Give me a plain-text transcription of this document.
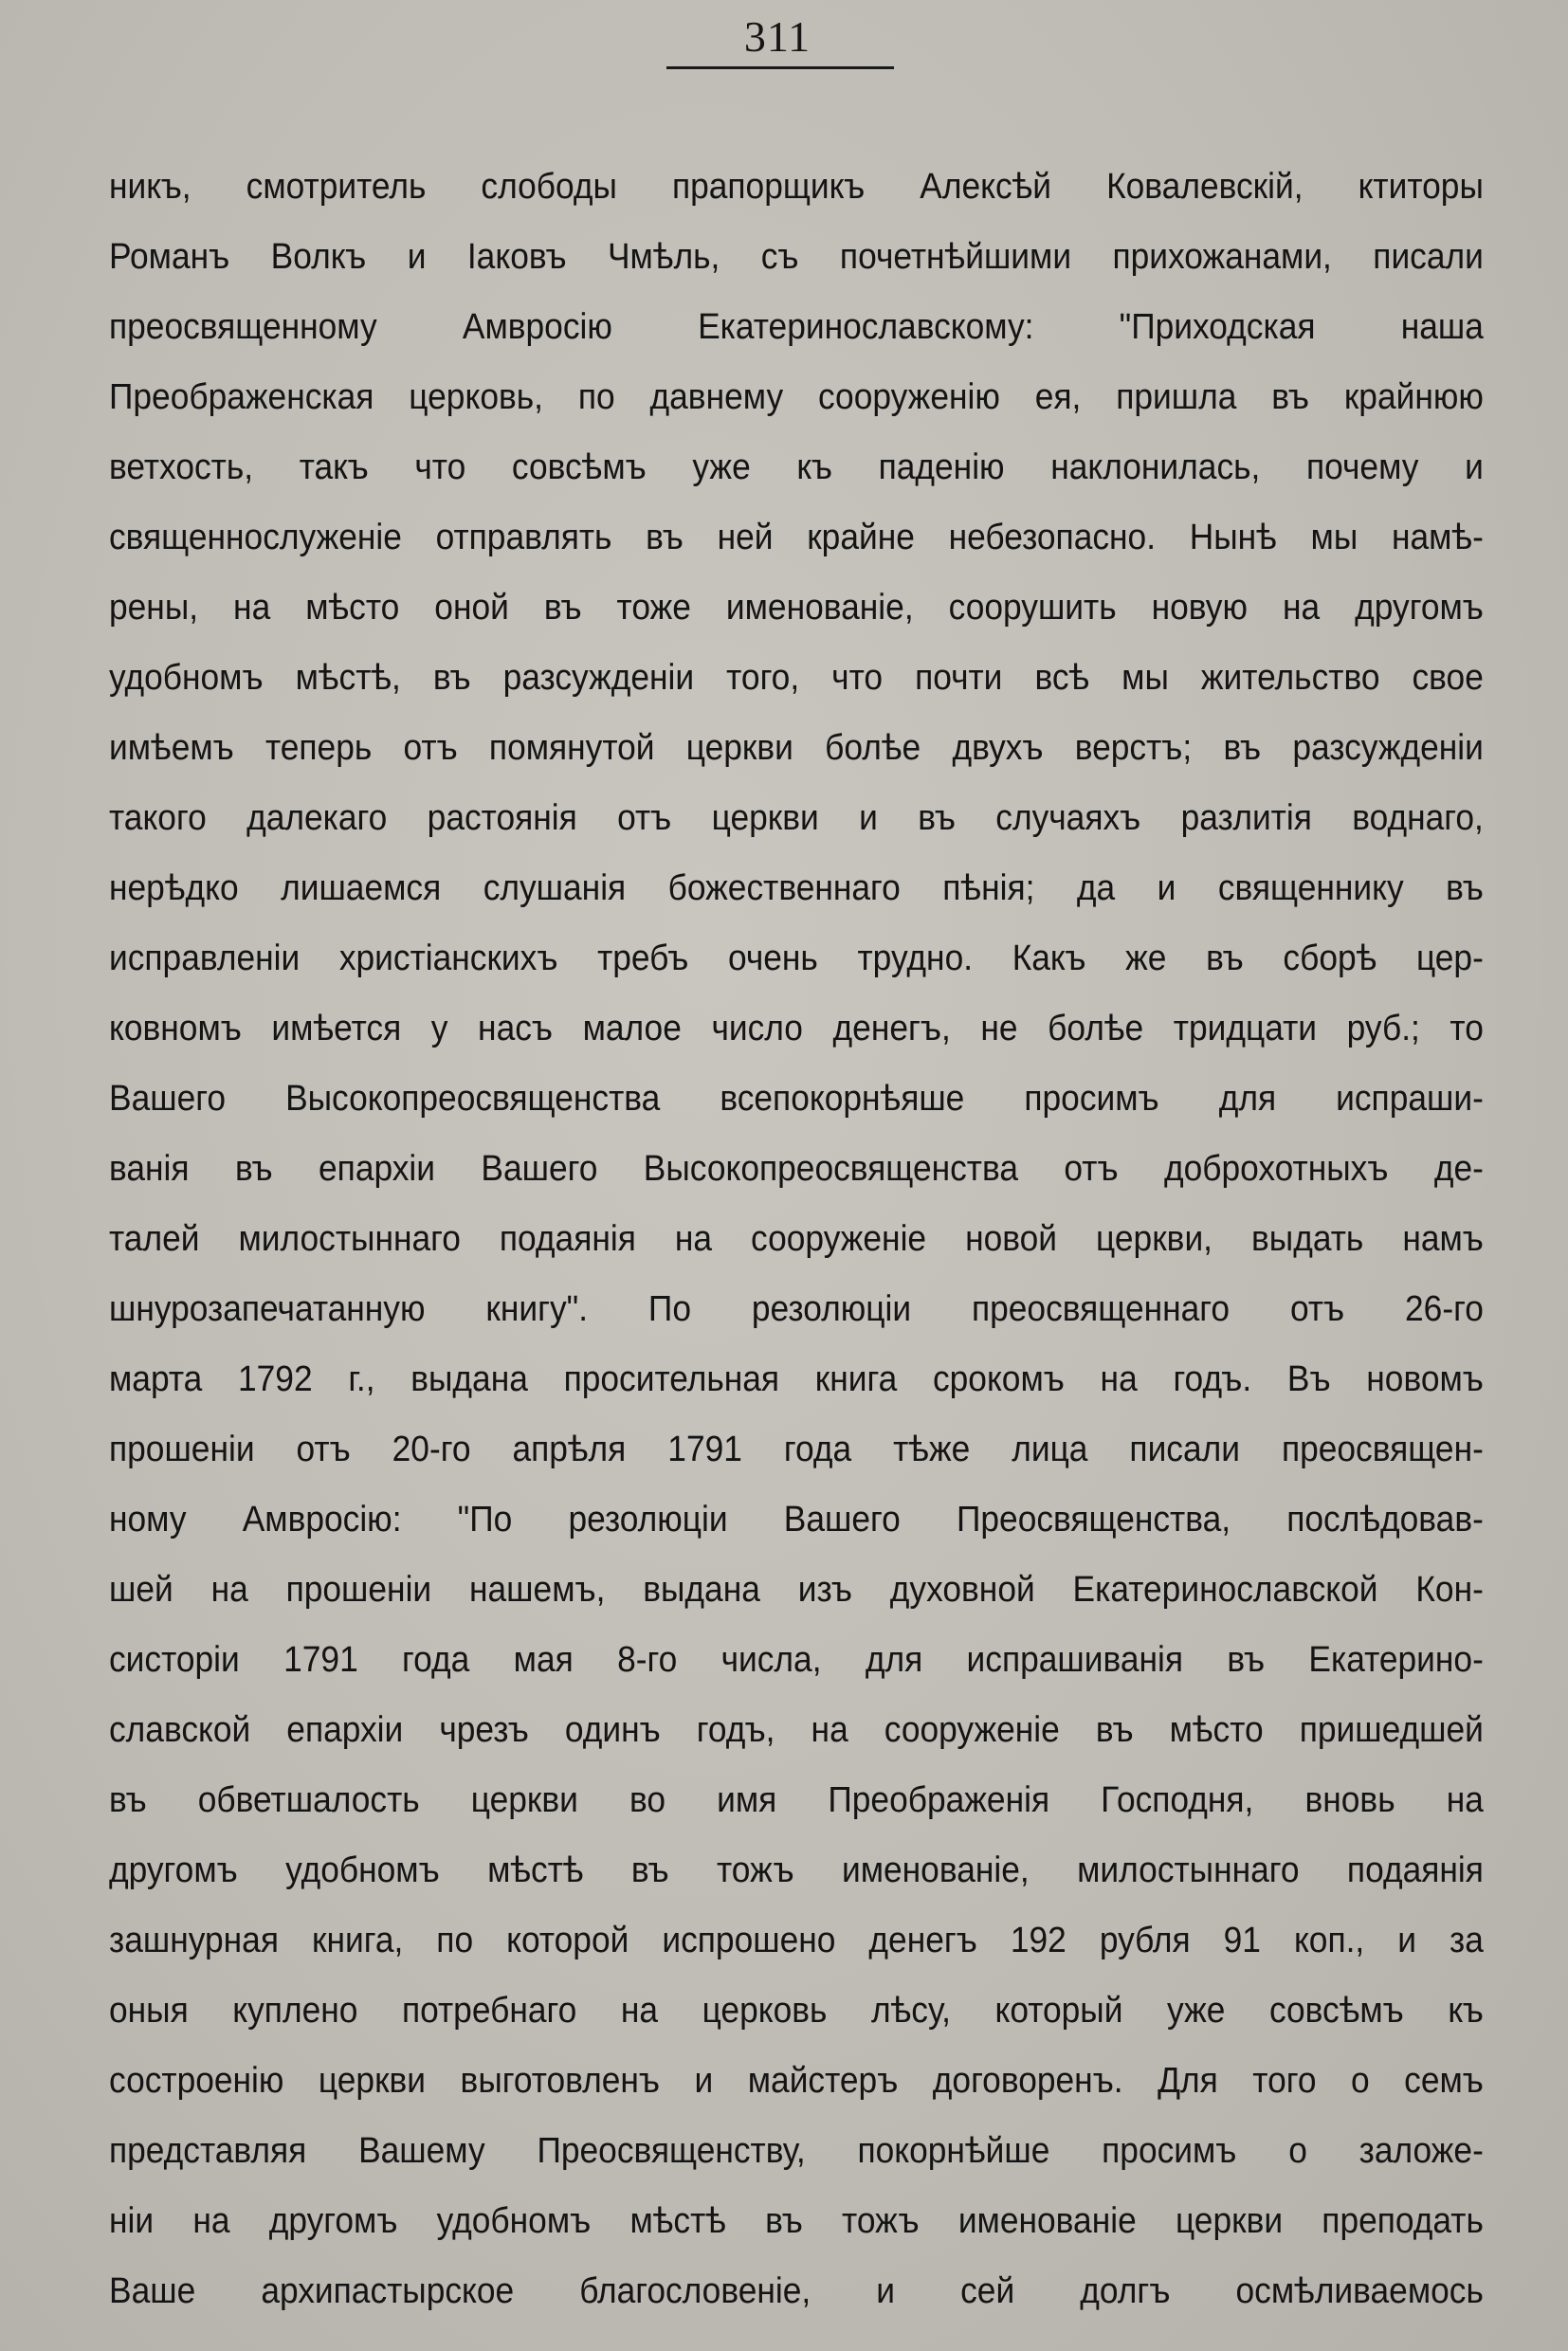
311
никъ, смотритель слободы прапорщикъ Алексѣй Ковалевскій, ктиторы
Романъ Волкъ и Іаковъ Чмѣль, съ почетнѣйшими прихожанами, писали
преосвященному Амвросію Екатеринославскому: "Приходская наша
Преображенская церковь, по давнему сооруженію ея, пришла въ крайнюю
ветхость, такъ что совсѣмъ уже къ паденію наклонилась, почему и
священнослуженіе отправлять въ ней крайне небезопасно. Нынѣ мы намѣ-
рены, на мѣсто оной въ тоже именованіе, соорушить новую на другомъ
удобномъ мѣстѣ, въ разсужденіи того, что почти всѣ мы жительство свое
имѣемъ теперь отъ помянутой церкви болѣе двухъ верстъ; въ разсужденіи
такого далекаго растоянія отъ церкви и въ случаяхъ разлитія воднаго,
нерѣдко лишаемся слушанія божественнаго пѣнія; да и священнику въ
исправленіи христіанскихъ требъ очень трудно. Какъ же въ сборѣ цер-
ковномъ имѣется у насъ малое число денегъ, не болѣе тридцати руб.; то
Вашего Высокопреосвященства всепокорнѣяше просимъ для испраши-
ванія въ епархіи Вашего Высокопреосвященства отъ доброхотныхъ де-
талей милостыннаго подаянія на сооруженіе новой церкви, выдать намъ
шнурозапечатанную книгу". По резолюціи преосвященнаго отъ 26-го
марта 1792 г., выдана просительная книга срокомъ на годъ. Въ новомъ
прошеніи отъ 20-го апрѣля 1791 года тѣже лица писали преосвящен-
ному Амвросію: "По резолюціи Вашего Преосвященства, послѣдовав-
шей на прошеніи нашемъ, выдана изъ духовной Екатеринославской Кон-
систоріи 1791 года мая 8-го числа, для испрашиванія въ Екатерино-
славской епархіи чрезъ одинъ годъ, на сооруженіе въ мѣсто пришедшей
въ обветшалость церкви во имя Преображенія Господня, вновь на
другомъ удобномъ мѣстѣ въ тожъ именованіе, милостыннаго подаянія
зашнурная книга, по которой испрошено денегъ 192 рубля 91 коп., и за
оныя куплено потребнаго на церковь лѣсу, который уже совсѣмъ къ
состроенію церкви выготовленъ и майстеръ договоренъ. Для того о семъ
представляя Вашему Преосвященству, покорнѣйше просимъ о заложе-
ніи на другомъ удобномъ мѣстѣ въ тожъ именованіе церкви преподать
Ваше архипастырское благословеніе, и сей долгъ осмѣливаемось
